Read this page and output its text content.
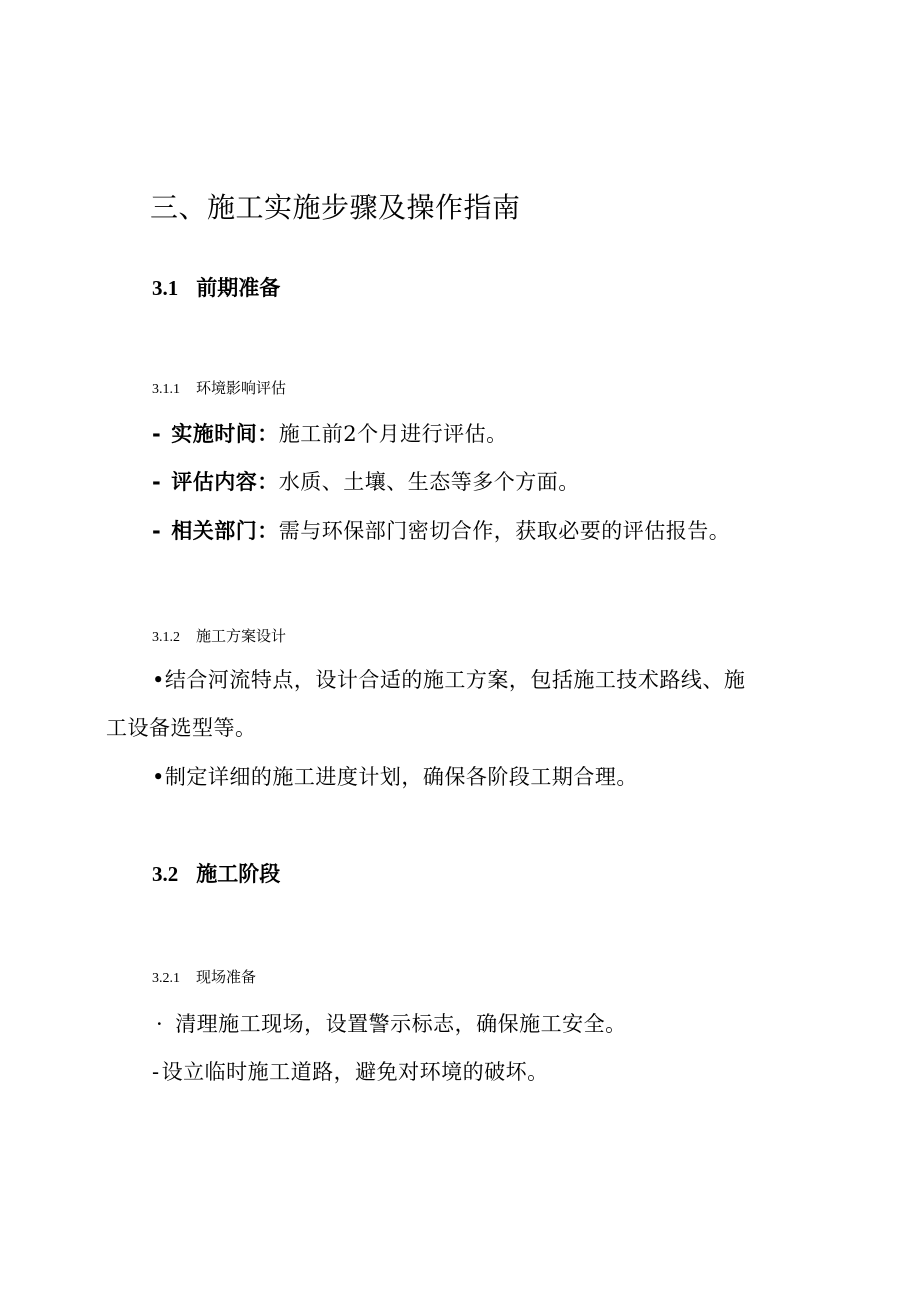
三、施工实施步骤及操作指南
3.1 前期准备
3.1.1 环境影响评估
- 实施时间：施工前2个月进行评估。
- 评估内容：水质、土壤、生态等多个方面。
- 相关部门：需与环保部门密切合作，获取必要的评估报告。
3.1.2 施工方案设计
•结合河流特点，设计合适的施工方案，包括施工技术路线、施
工设备选型等。
•制定详细的施工进度计划，确保各阶段工期合理。
3.2 施工阶段
3.2.1 现场准备
· 清理施工现场，设置警示标志，确保施工安全。
-设立临时施工道路，避免对环境的破坏。
